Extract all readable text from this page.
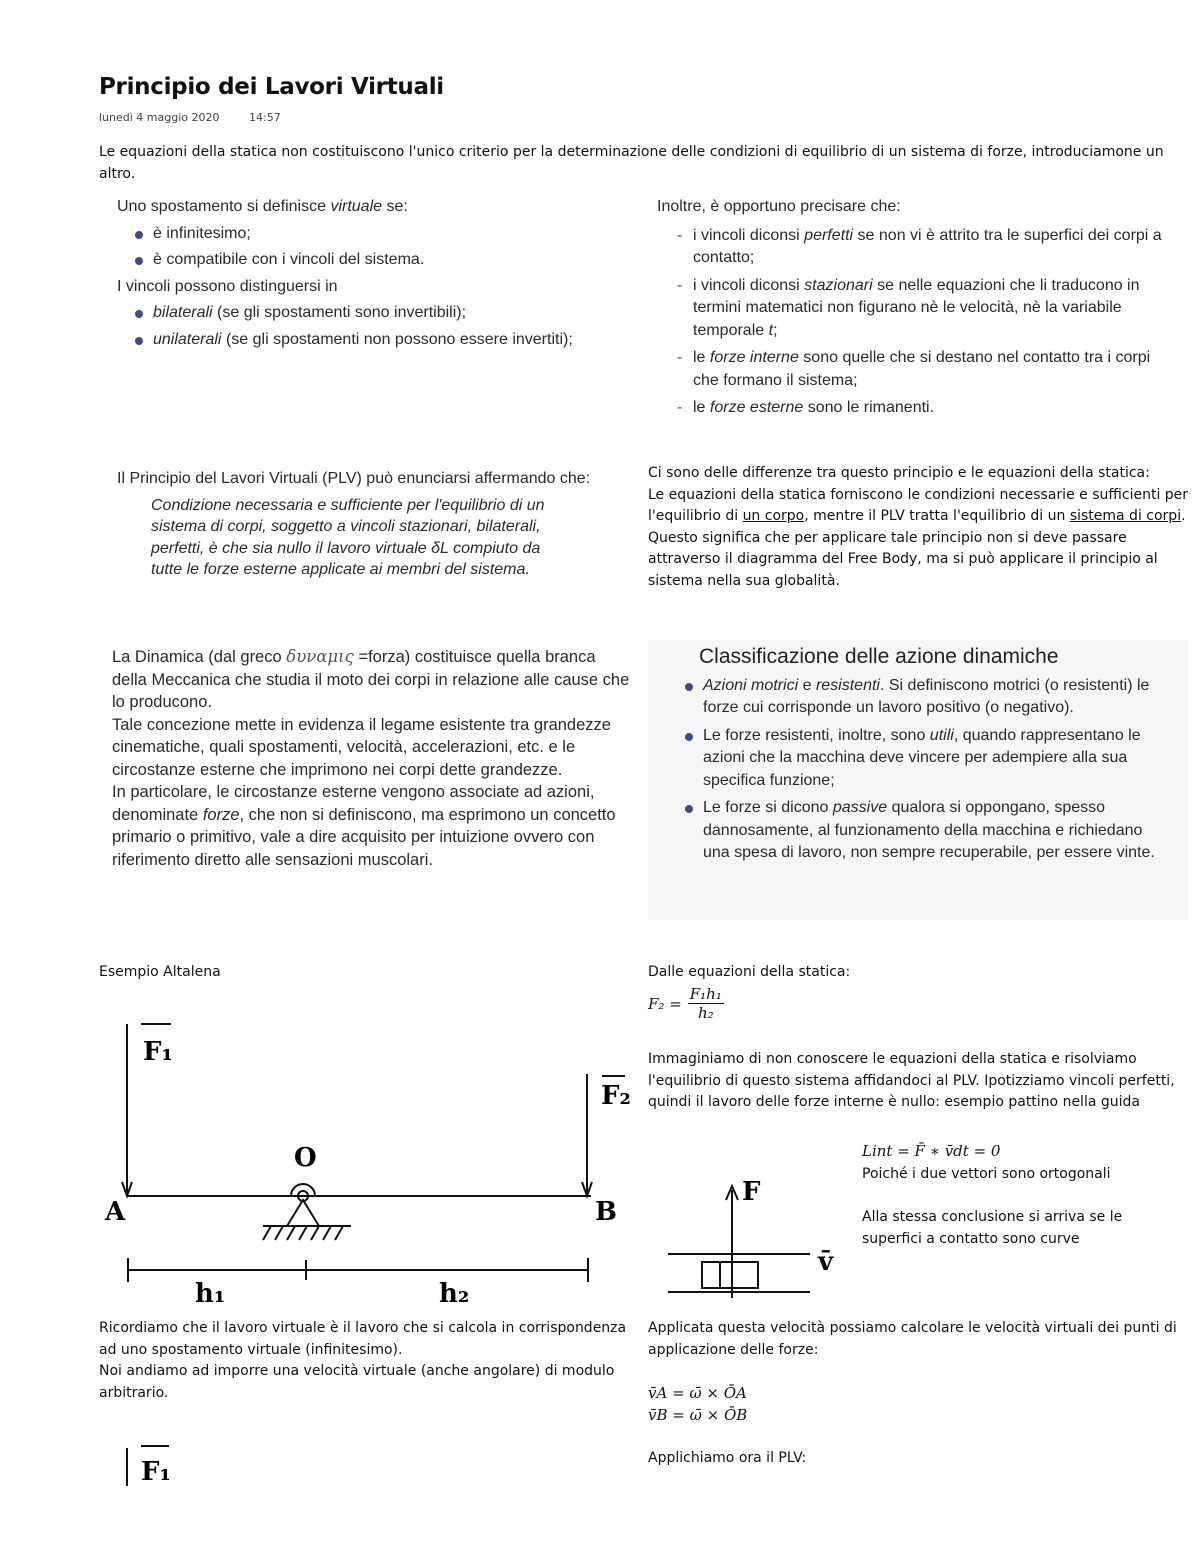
Principio dei Lavori Virtuali
lunedì 4 maggio 2020	14:57
Le equazioni della statica non costituiscono l'unico criterio per la determinazione delle condizioni di equilibrio di un sistema di forze, introduciamone un altro.
Uno spostamento si definisce virtuale se:
è infinitesimo;
è compatibile con i vincoli del sistema.
I vincoli possono distinguersi in
bilaterali (se gli spostamenti sono invertibili);
unilaterali (se gli spostamenti non possono essere invertiti);
Inoltre, è opportuno precisare che:
- i vincoli diconsi perfetti se non vi è attrito tra le superfici dei corpi a contatto;
- i vincoli diconsi stazionari se nelle equazioni che li traducono in termini matematici non figurano nè le velocità, nè la variabile temporale t;
- le forze interne sono quelle che si destano nel contatto tra i corpi che formano il sistema;
- le forze esterne sono le rimanenti.
Il Principio del Lavori Virtuali (PLV) può enunciarsi affermando che:
Condizione necessaria e sufficiente per l'equilibrio di un sistema di corpi, soggetto a vincoli stazionari, bilaterali, perfetti, è che sia nullo il lavoro virtuale δL compiuto da tutte le forze esterne applicate ai membri del sistema.
Ci sono delle differenze tra questo principio e le equazioni della statica:
Le equazioni della statica forniscono le condizioni necessarie e sufficienti per l'equilibrio di un corpo, mentre il PLV tratta l'equilibrio di un sistema di corpi. Questo significa che per applicare tale principio non si deve passare attraverso il diagramma del Free Body, ma si può applicare il principio al sistema nella sua globalità.
La Dinamica (dal greco δυναμις =forza) costituisce quella branca della Meccanica che studia il moto dei corpi in relazione alle cause che lo producono.
Tale concezione mette in evidenza il legame esistente tra grandezze cinematiche, quali spostamenti, velocità, accelerazioni, etc. e le circostanze esterne che imprimono nei corpi dette grandezze.
In particolare, le circostanze esterne vengono associate ad azioni, denominate forze, che non si definiscono, ma esprimono un concetto primario o primitivo, vale a dire acquisito per intuizione ovvero con riferimento diretto alle sensazioni muscolari.
Classificazione delle azione dinamiche
Azioni motrici e resistenti. Si definiscono motrici (o resistenti) le forze cui corrisponde un lavoro positivo (o negativo).
Le forze resistenti, inoltre, sono utili, quando rappresentano le azioni che la macchina deve vincere per adempiere alla sua specifica funzione;
Le forze si dicono passive qualora si oppongano, spesso dannosamente, al funzionamento della macchina e richiedano una spesa di lavoro, non sempre recuperabile, per essere vinte.
Esempio Altalena
F₁
F₂
O
A	B
h₁	h₂
Dalle equazioni della statica:
$F_2 = \frac{\text{F₁h₁}}{\text{h₂}}$
Immaginiamo di non conoscere le equazioni della statica e risolviamo l'equilibrio di questo sistema affidandoci al PLV. Ipotizziamo vincoli perfetti, quindi il lavoro delle forze interne è nullo: esempio pattino nella guida
Lint = F̄ ∗ v̄dt = 0
Poiché i due vettori sono ortogonali
Alla stessa conclusione si arriva se le superfici a contatto sono curve
F
v̄
Ricordiamo che il lavoro virtuale è il lavoro che si calcola in corrispondenza ad uno spostamento virtuale (infinitesimo).
Noi andiamo ad imporre una velocità virtuale (anche angolare) di modulo arbitrario.
Applicata questa velocità possiamo calcolare le velocità virtuali dei punti di applicazione delle forze:
v̄A = ω̄ × ŌA
v̄B = ω̄ × ŌB
Applichiamo ora il PLV:
F₁
